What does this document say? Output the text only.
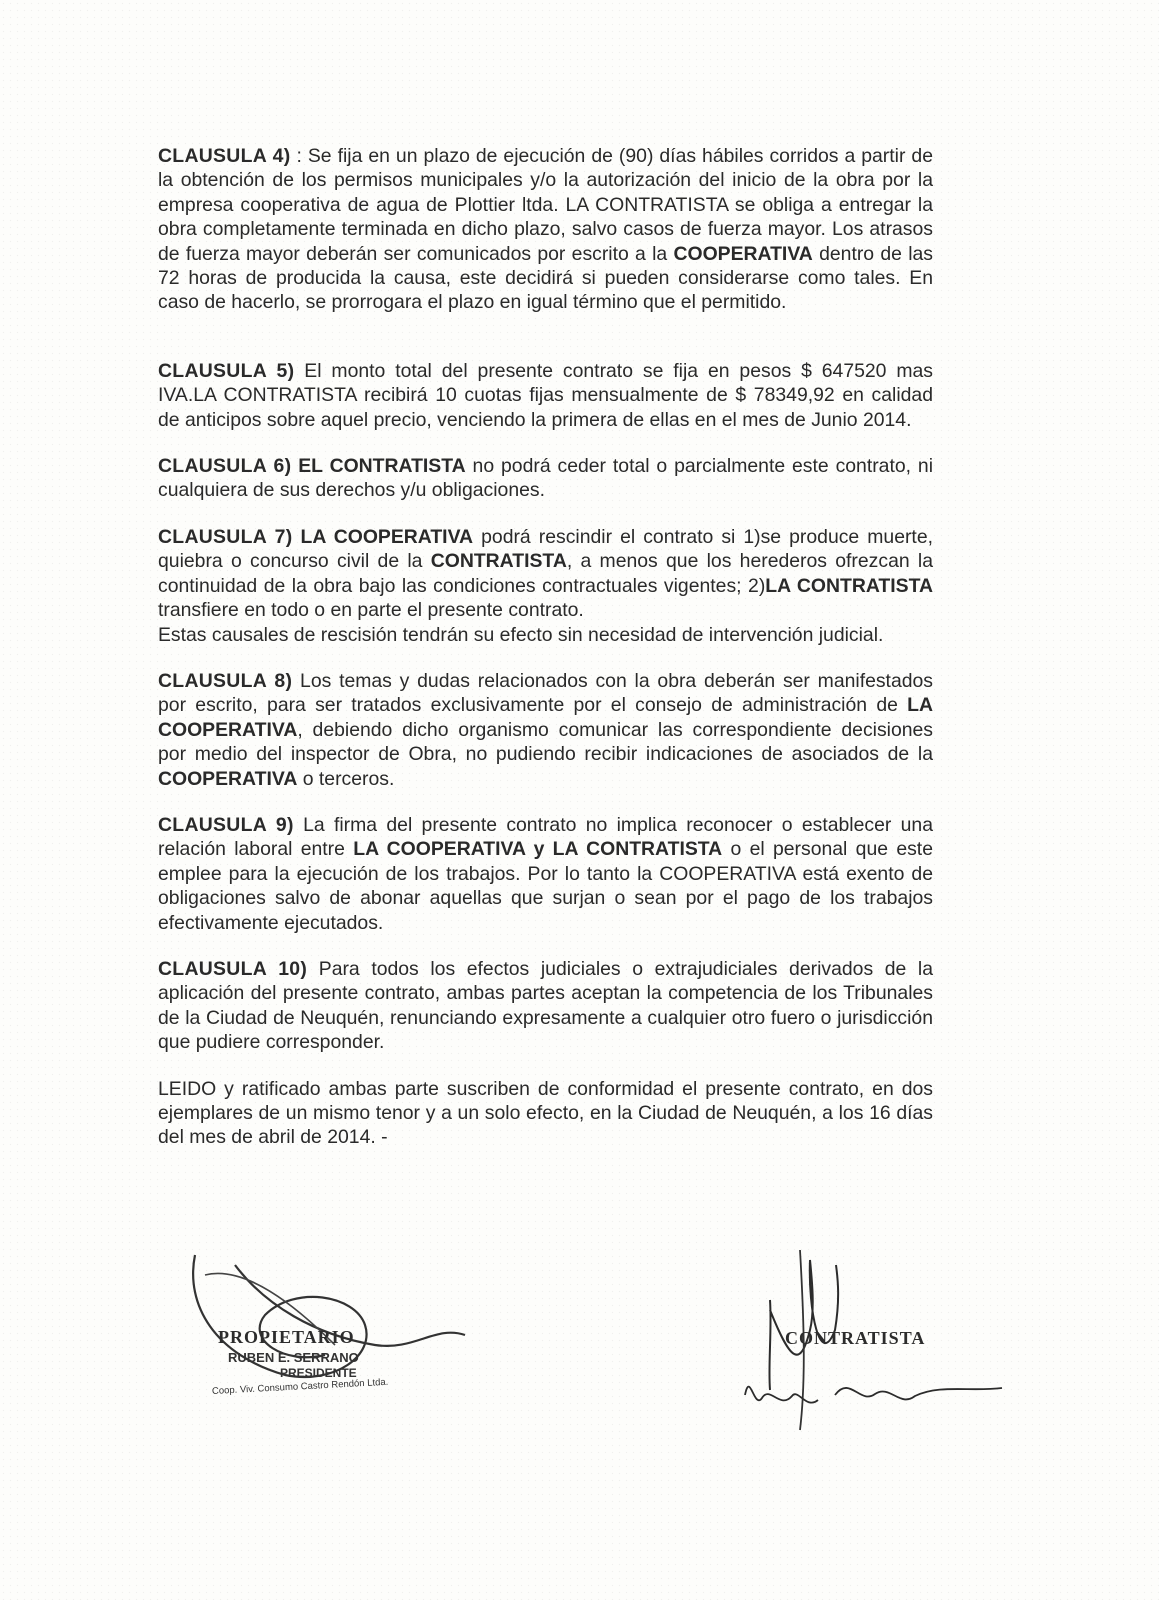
CLAUSULA 4) : Se fija en un plazo de ejecución de (90) días hábiles corridos a partir de la obtención de los permisos municipales y/o la autorización del inicio de la obra por la empresa cooperativa de agua de Plottier ltda. LA CONTRATISTA se obliga a entregar la obra completamente terminada en dicho plazo, salvo casos de fuerza mayor. Los atrasos de fuerza mayor deberán ser comunicados por escrito a la COOPERATIVA dentro de las 72 horas de producida la causa, este decidirá si pueden considerarse como tales. En caso de hacerlo, se prorrogara el plazo en igual término que el permitido.

CLAUSULA 5) El monto total del presente contrato se fija en pesos $ 647520 mas IVA.LA CONTRATISTA recibirá 10 cuotas fijas mensualmente de $ 78349,92 en calidad de anticipos sobre aquel precio, venciendo la primera de ellas en el mes de Junio 2014.

CLAUSULA 6) EL CONTRATISTA no podrá ceder total o parcialmente este contrato, ni cualquiera de sus derechos y/u obligaciones.

CLAUSULA 7) LA COOPERATIVA podrá rescindir el contrato si 1)se produce muerte, quiebra o concurso civil de la CONTRATISTA, a menos que los herederos ofrezcan la continuidad de la obra bajo las condiciones contractuales vigentes; 2)LA CONTRATISTA transfiere en todo o en parte el presente contrato.
Estas causales de rescisión tendrán su efecto sin necesidad de intervención judicial.

CLAUSULA 8) Los temas y dudas relacionados con la obra deberán ser manifestados por escrito, para ser tratados exclusivamente por el consejo de administración de LA COOPERATIVA, debiendo dicho organismo comunicar las correspondiente decisiones por medio del inspector de Obra, no pudiendo recibir indicaciones de asociados de la COOPERATIVA o terceros.

CLAUSULA 9) La firma del presente contrato no implica reconocer o establecer una relación laboral entre LA COOPERATIVA y LA CONTRATISTA o el personal que este emplee para la ejecución de los trabajos. Por lo tanto la COOPERATIVA está exento de obligaciones salvo de abonar aquellas que surjan o sean por el pago de los trabajos efectivamente ejecutados.

CLAUSULA 10) Para todos los efectos judiciales o extrajudiciales derivados de la aplicación del presente contrato, ambas partes aceptan la competencia de los Tribunales de la Ciudad de Neuquén, renunciando expresamente a cualquier otro fuero o jurisdicción que pudiere corresponder.

LEIDO y ratificado ambas parte suscriben de conformidad el presente contrato, en dos ejemplares de un mismo tenor y a un solo efecto, en la Ciudad de Neuquén, a los 16 días del mes de abril de 2014. -

PROPIETARIO
RUBEN E. SERRANO
PRESIDENTE
Coop. Viv. Consumo Castro Rendón Ltda.
CONTRATISTA
